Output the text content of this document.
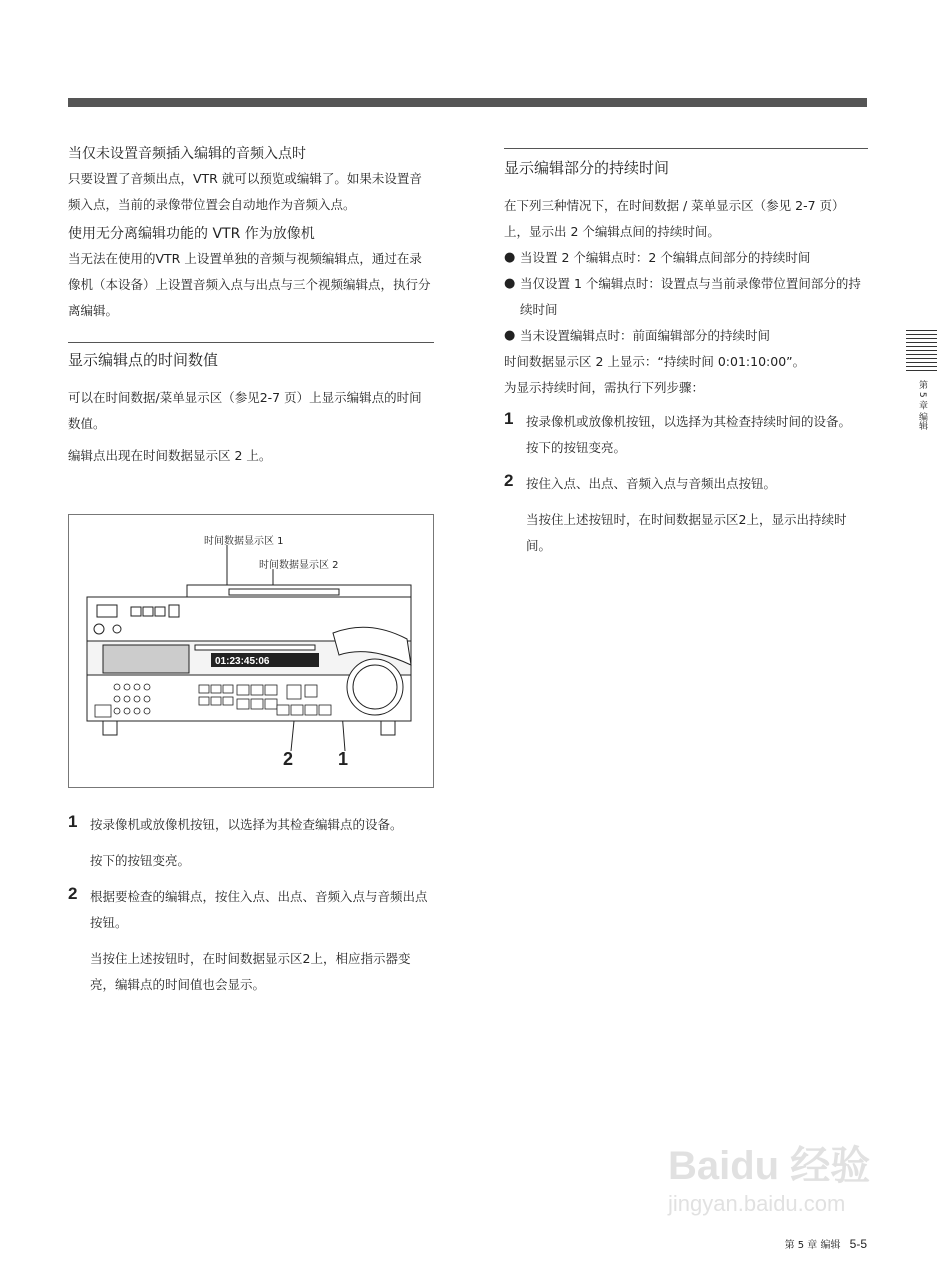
当仅未设置音频插入编辑的音频入点时

只要设置了音频出点，VTR 就可以预览或编辑了。如果未设置音频入点，当前的录像带位置会自动地作为音频入点。

使用无分离编辑功能的 VTR 作为放像机

当无法在使用的VTR 上设置单独的音频与视频编辑点，通过在录像机（本设备）上设置音频入点与出点与三个视频编辑点，执行分离编辑。

显示编辑点的时间数值

可以在时间数据/菜单显示区（参见2-7 页）上显示编辑点的时间数值。

编辑点出现在时间数据显示区 2 上。

时间数据显示区 1
时间数据显示区 2
01:23:45:06
2 1
1 按录像机或放像机按钮，以选择为其检查编辑点的设备。
按下的按钮变亮。
2 根据要检查的编辑点，按住入点、出点、音频入点与音频出点按钮。
当按住上述按钮时，在时间数据显示区2上，相应指示器变亮，编辑点的时间值也会显示。
显示编辑部分的持续时间

在下列三种情况下，在时间数据 / 菜单显示区（参见 2-7 页）上，显示出 2 个编辑点间的持续时间。

● 当设置 2 个编辑点时：2 个编辑点间部分的持续时间

● 当仅设置 1 个编辑点时：设置点与当前录像带位置间部分的持续时间

● 当未设置编辑点时：前面编辑部分的持续时间

时间数据显示区 2 上显示：“持续时间 0:01:10:00”。

为显示持续时间，需执行下列步骤：

1 按录像机或放像机按钮，以选择为其检查持续时间的设备。
按下的按钮变亮。
2 按住入点、出点、音频入点与音频出点按钮。
当按住上述按钮时，在时间数据显示区2上，显示出持续时间。
第 5 章 编辑
Baidu 经验
jingyan.baidu.com
第 5 章 编辑 5-5
